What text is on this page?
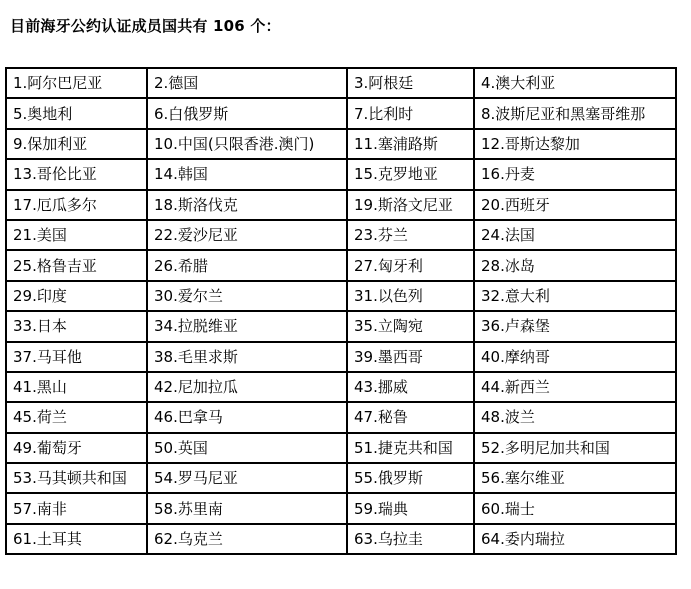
目前海牙公约认证成员国共有 106 个：
1.阿尔巴尼亚	2.德国	3.阿根廷	4.澳大利亚
5.奥地利	6.白俄罗斯	7.比利时	8.波斯尼亚和黑塞哥维那
9.保加利亚	10.中国(只限香港.澳门)	11.塞浦路斯	12.哥斯达黎加
13.哥伦比亚	14.韩国	15.克罗地亚	16.丹麦
17.厄瓜多尔	18.斯洛伐克	19.斯洛文尼亚	20.西班牙
21.美国	22.爱沙尼亚	23.芬兰	24.法国
25.格鲁吉亚	26.希腊	27.匈牙利	28.冰岛
29.印度	30.爱尔兰	31.以色列	32.意大利
33.日本	34.拉脱维亚	35.立陶宛	36.卢森堡
37.马耳他	38.毛里求斯	39.墨西哥	40.摩纳哥
41.黑山	42.尼加拉瓜	43.挪威	44.新西兰
45.荷兰	46.巴拿马	47.秘鲁	48.波兰
49.葡萄牙	50.英国	51.捷克共和国	52.多明尼加共和国
53.马其顿共和国	54.罗马尼亚	55.俄罗斯	56.塞尔维亚
57.南非	58.苏里南	59.瑞典	60.瑞士
61.土耳其	62.乌克兰	63.乌拉圭	64.委内瑞拉
